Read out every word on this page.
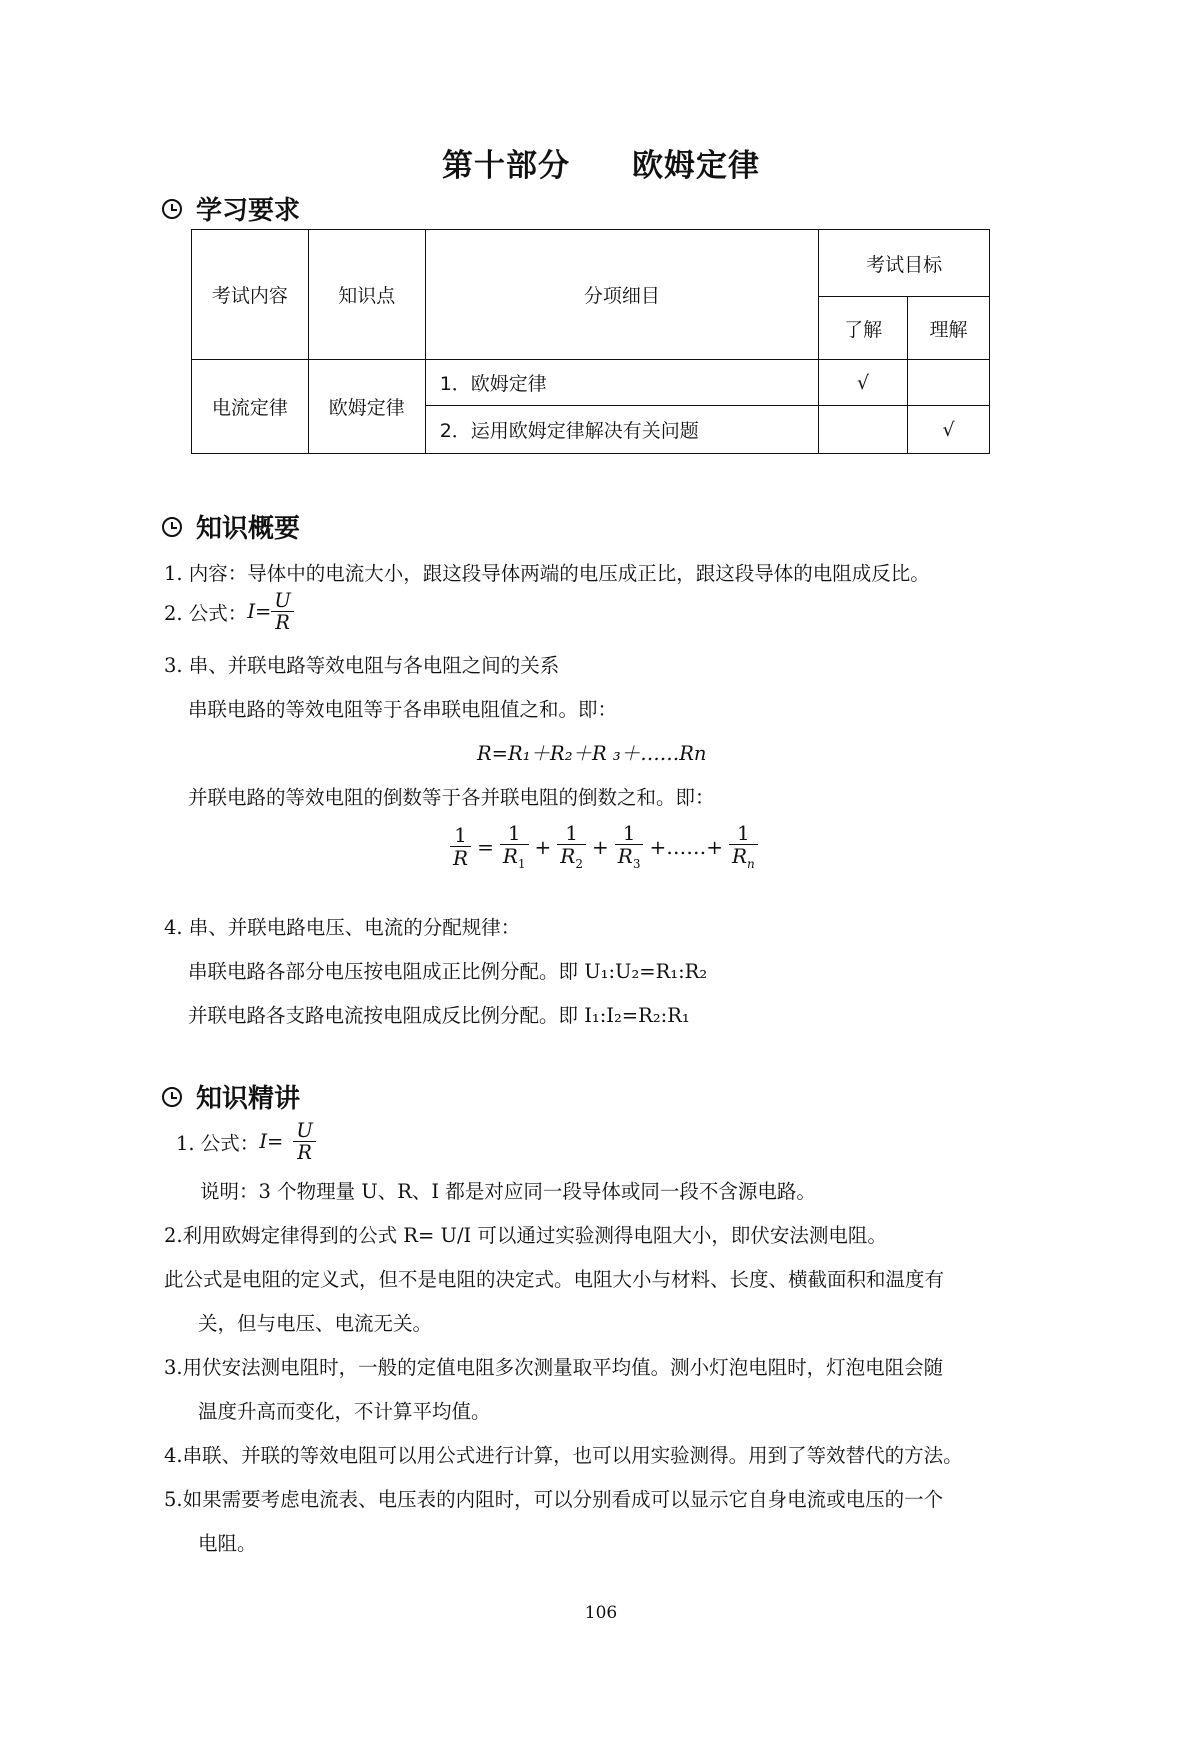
第十部分 欧姆定律
学习要求
考试内容	知识点	分项细目	考试目标	
			了解	理解
电流定律	欧姆定律	1．欧姆定律	√	
		2．运用欧姆定律解决有关问题		√
知识概要
1. 内容：导体中的电流大小，跟这段导体两端的电压成正比，跟这段导体的电阻成反比。
2. 公式： $I = \frac{U}{R}$
3. 串、并联电路等效电阻与各电阻之间的关系
串联电路的等效电阻等于各串联电阻值之和。即：
R=R₁＋R₂＋R ₃＋……Rn
并联电路的等效电阻的倒数等于各并联电阻的倒数之和。即：
$\frac{1}{R} = \frac{1}{R_1} + \frac{1}{R_2} + \frac{1}{R_3}$ +……+ $\frac{1}{R_n}$
4. 串、并联电路电压、电流的分配规律：
串联电路各部分电压按电阻成正比例分配。即 U₁:U₂=R₁:R₂
并联电路各支路电流按电阻成反比例分配。即 I₁:I₂=R₂:R₁
知识精讲
1. 公式： $I = \frac{U}{R}$
说明：3 个物理量 U、R、I 都是对应同一段导体或同一段不含源电路。
2.利用欧姆定律得到的公式 R= U/I 可以通过实验测得电阻大小，即伏安法测电阻。
此公式是电阻的定义式，但不是电阻的决定式。电阻大小与材料、长度、横截面积和温度有
关，但与电压、电流无关。
3.用伏安法测电阻时，一般的定值电阻多次测量取平均值。测小灯泡电阻时，灯泡电阻会随
温度升高而变化，不计算平均值。
4.串联、并联的等效电阻可以用公式进行计算，也可以用实验测得。用到了等效替代的方法。
5.如果需要考虑电流表、电压表的内阻时，可以分别看成可以显示它自身电流或电压的一个
电阻。
106
